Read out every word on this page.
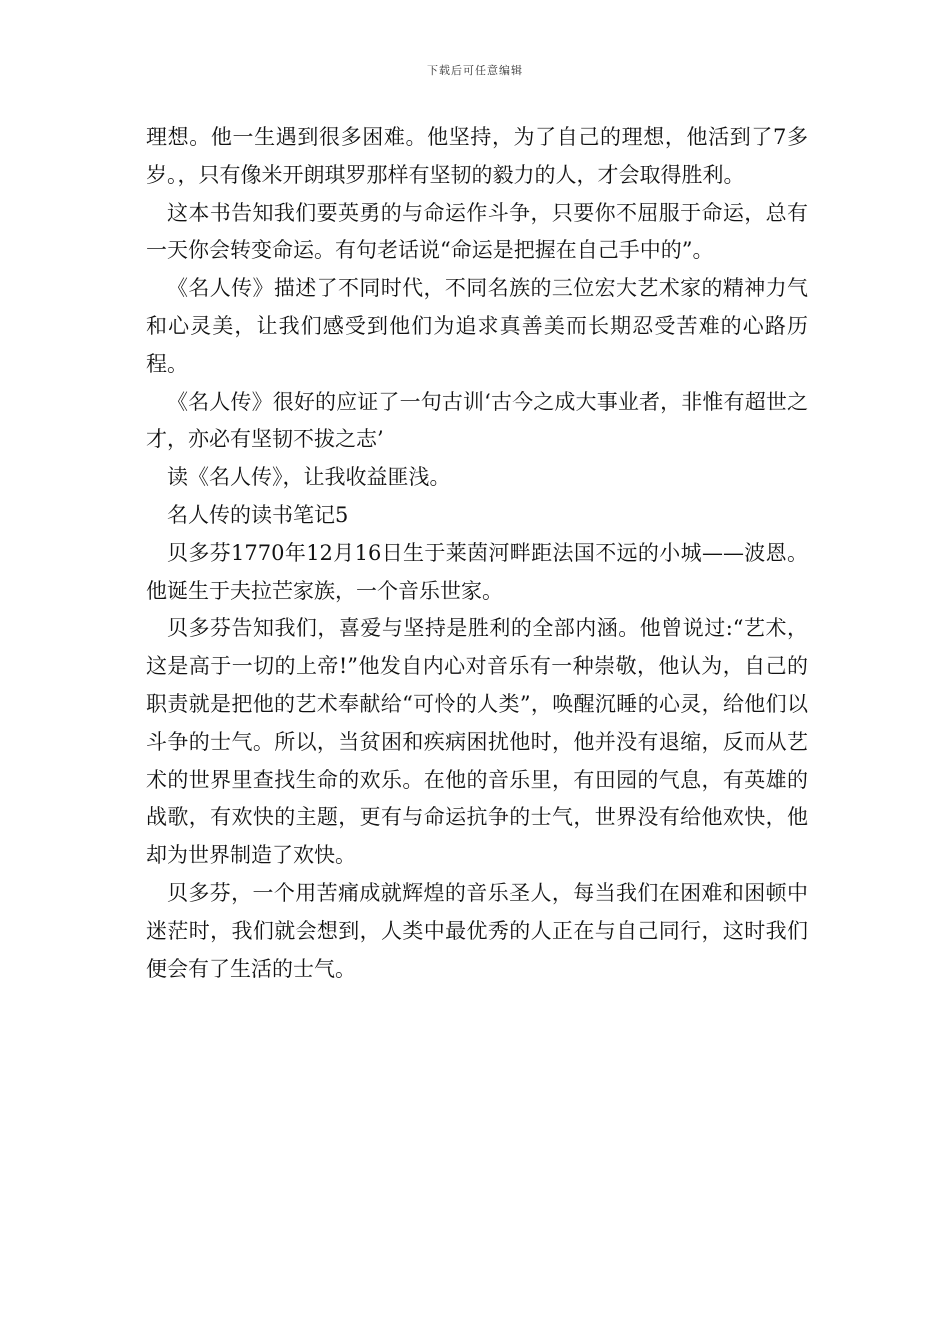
下载后可任意编辑

理想。他一生遇到很多困难。他坚持，为了自己的理想，他活到了7多岁。，只有像米开朗琪罗那样有坚韧的毅力的人，才会取得胜利。

这本书告知我们要英勇的与命运作斗争，只要你不屈服于命运，总有一天你会转变命运。有句老话说“命运是把握在自己手中的”。

《名人传》描述了不同时代，不同名族的三位宏大艺术家的精神力气和心灵美，让我们感受到他们为追求真善美而长期忍受苦难的心路历程。

《名人传》很好的应证了一句古训‘古今之成大事业者，非惟有超世之才，亦必有坚韧不拔之志’

读《名人传》，让我收益匪浅。

名人传的读书笔记5

贝多芬1770年12月16日生于莱茵河畔距法国不远的小城——波恩。他诞生于夫拉芒家族，一个音乐世家。

贝多芬告知我们，喜爱与坚持是胜利的全部内涵。他曾说过:“艺术，这是高于一切的上帝!”他发自内心对音乐有一种崇敬，他认为，自己的职责就是把他的艺术奉献给“可怜的人类”，唤醒沉睡的心灵，给他们以斗争的士气。所以，当贫困和疾病困扰他时，他并没有退缩，反而从艺术的世界里查找生命的欢乐。在他的音乐里，有田园的气息，有英雄的战歌，有欢快的主题，更有与命运抗争的士气，世界没有给他欢快，他却为世界制造了欢快。

贝多芬，一个用苦痛成就辉煌的音乐圣人，每当我们在困难和困顿中迷茫时，我们就会想到，人类中最优秀的人正在与自己同行，这时我们便会有了生活的士气。
